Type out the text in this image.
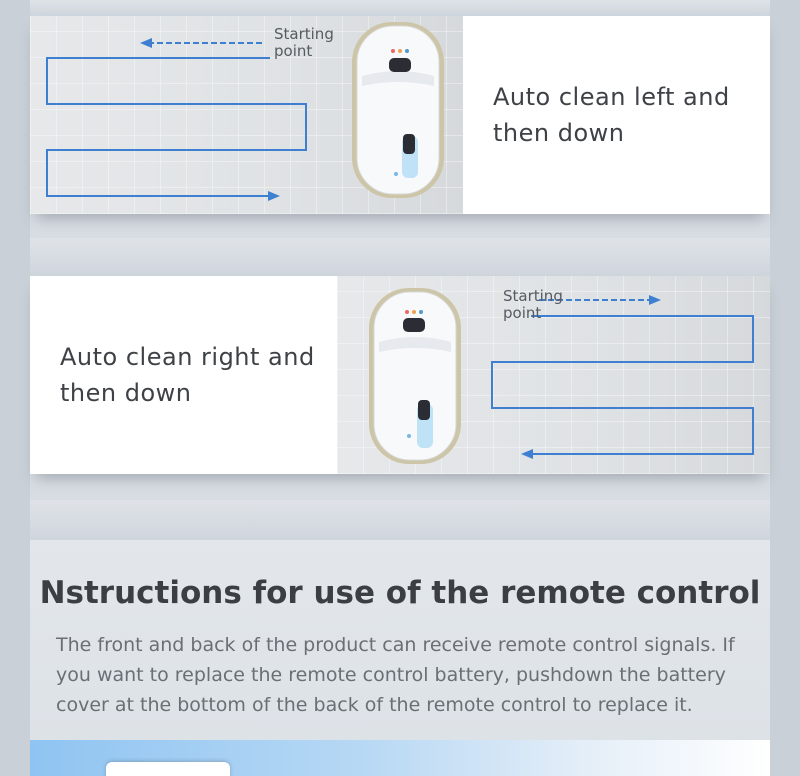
Starting
point
Auto clean left and
then down
Auto clean right and
then down
Starting
point
Nstructions for use of the remote control
The front and back of the product can receive remote control signals. If you want to replace the remote control battery, pushdown the battery cover at the bottom of the back of the remote control to replace it.
